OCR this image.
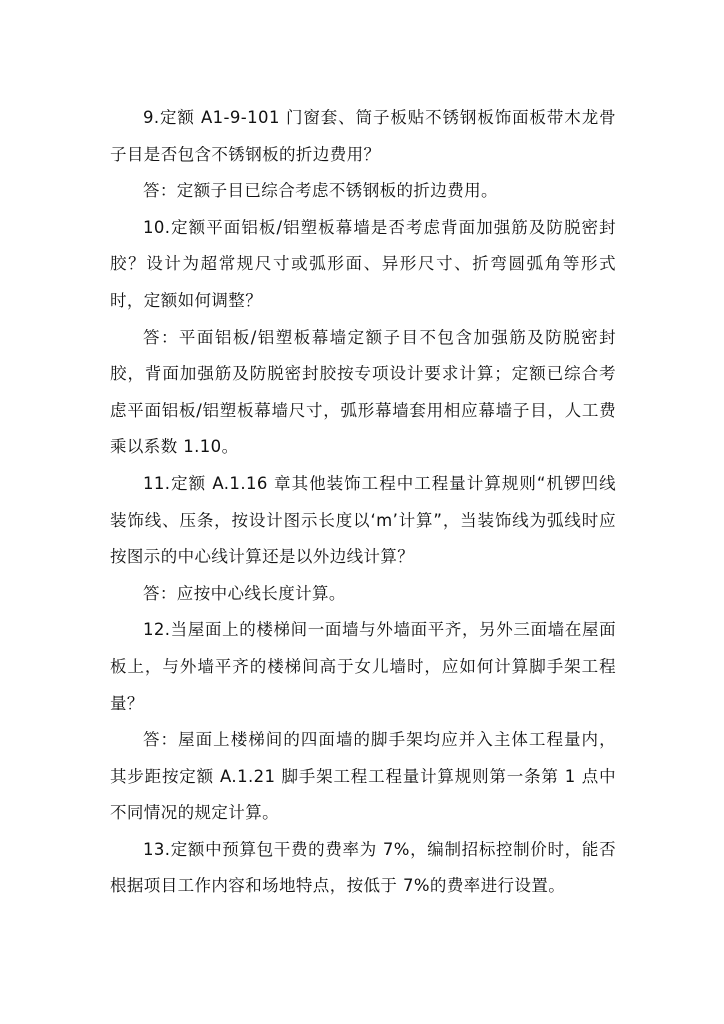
9.定额 A1-9-101 门窗套、筒子板贴不锈钢板饰面板带木龙骨子目是否包含不锈钢板的折边费用？

答：定额子目已综合考虑不锈钢板的折边费用。

10.定额平面铝板/铝塑板幕墙是否考虑背面加强筋及防脱密封胶？设计为超常规尺寸或弧形面、异形尺寸、折弯圆弧角等形式时，定额如何调整？

答：平面铝板/铝塑板幕墙定额子目不包含加强筋及防脱密封胶，背面加强筋及防脱密封胶按专项设计要求计算；定额已综合考虑平面铝板/铝塑板幕墙尺寸，弧形幕墙套用相应幕墙子目，人工费乘以系数 1.10。

11.定额 A.1.16 章其他装饰工程中工程量计算规则“机锣凹线装饰线、压条，按设计图示长度以‘m’计算”，当装饰线为弧线时应按图示的中心线计算还是以外边线计算？

答：应按中心线长度计算。

12.当屋面上的楼梯间一面墙与外墙面平齐，另外三面墙在屋面板上，与外墙平齐的楼梯间高于女儿墙时，应如何计算脚手架工程量？

答：屋面上楼梯间的四面墙的脚手架均应并入主体工程量内，其步距按定额 A.1.21 脚手架工程工程量计算规则第一条第 1 点中不同情况的规定计算。

13.定额中预算包干费的费率为 7%，编制招标控制价时，能否根据项目工作内容和场地特点，按低于 7%的费率进行设置。
